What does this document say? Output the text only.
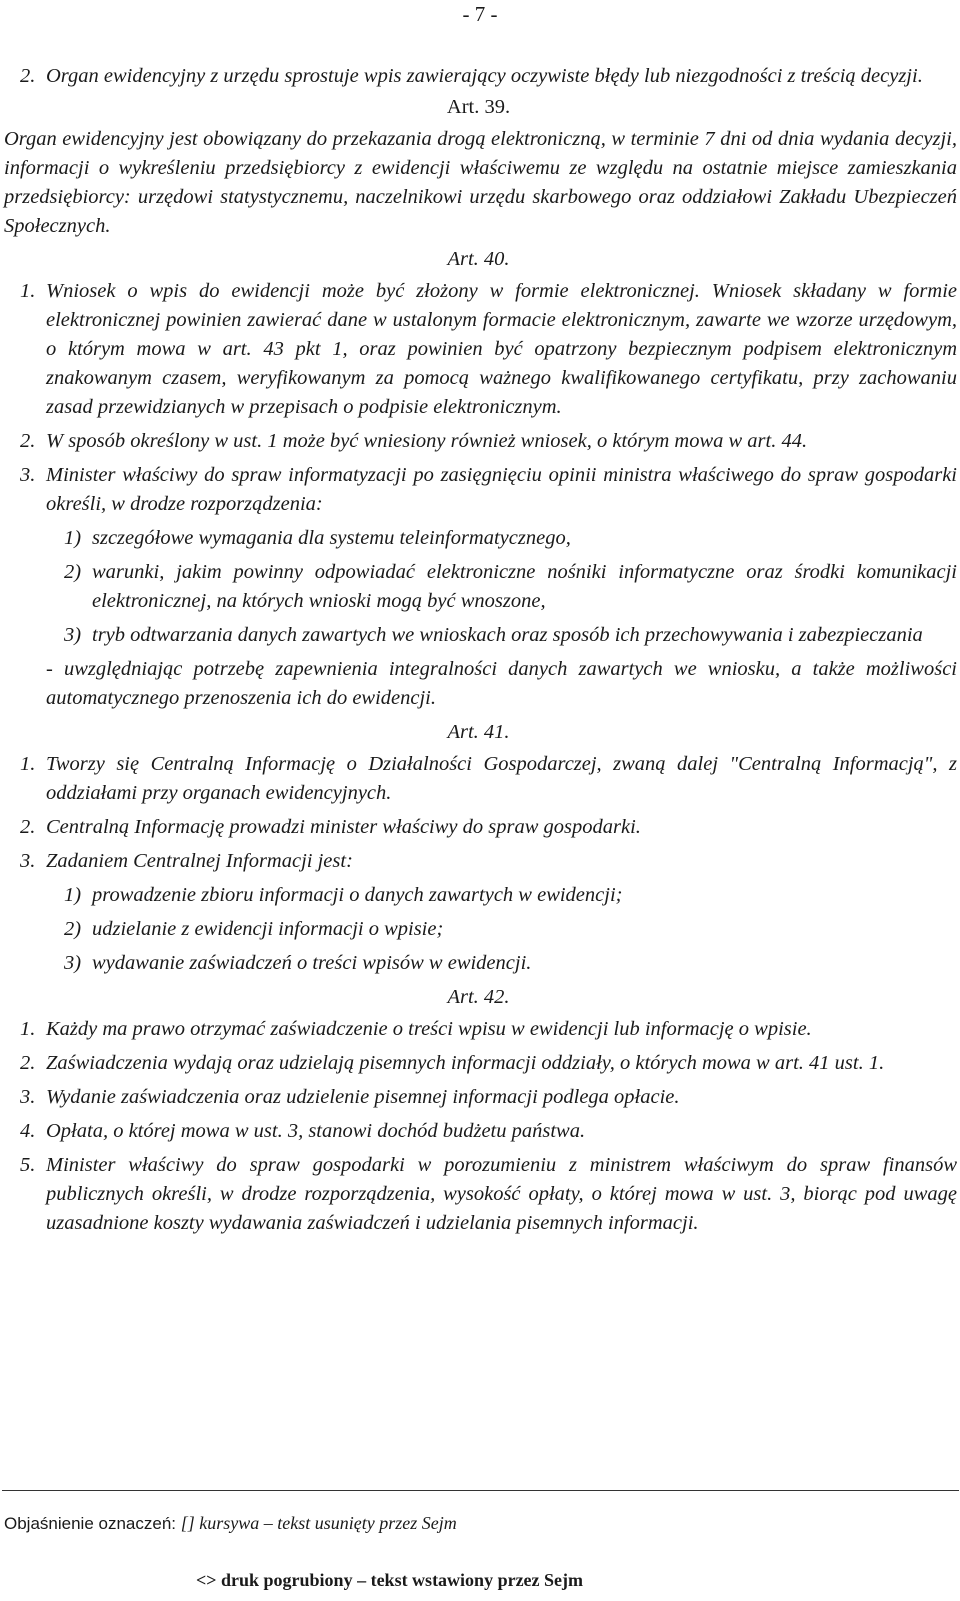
- 7 -

2. Organ ewidencyjny z urzędu sprostuje wpis zawierający oczywiste błędy lub niezgodności z treścią decyzji.

Art. 39.

Organ ewidencyjny jest obowiązany do przekazania drogą elektroniczną, w terminie 7 dni od dnia wydania decyzji, informacji o wykreśleniu przedsiębiorcy z ewidencji właściwemu ze względu na ostatnie miejsce zamieszkania przedsiębiorcy: urzędowi statystycznemu, naczelnikowi urzędu skarbowego oraz oddziałowi Zakładu Ubezpieczeń Społecznych.

Art. 40.

1. Wniosek o wpis do ewidencji może być złożony w formie elektronicznej. Wniosek składany w formie elektronicznej powinien zawierać dane w ustalonym formacie elektronicznym, zawarte we wzorze urzędowym, o którym mowa w art. 43 pkt 1, oraz powinien być opatrzony bezpiecznym podpisem elektronicznym znakowanym czasem, weryfikowanym za pomocą ważnego kwalifikowanego certyfikatu, przy zachowaniu zasad przewidzianych w przepisach o podpisie elektronicznym.

2. W sposób określony w ust. 1 może być wniesiony również wniosek, o którym mowa w art. 44.

3. Minister właściwy do spraw informatyzacji po zasięgnięciu opinii ministra właściwego do spraw gospodarki określi, w drodze rozporządzenia:

1) szczegółowe wymagania dla systemu teleinformatycznego,

2) warunki, jakim powinny odpowiadać elektroniczne nośniki informatyczne oraz środki komunikacji elektronicznej, na których wnioski mogą być wnoszone,

3) tryb odtwarzania danych zawartych we wnioskach oraz sposób ich przechowywania i zabezpieczania

- uwzględniając potrzebę zapewnienia integralności danych zawartych we wniosku, a także możliwości automatycznego przenoszenia ich do ewidencji.

Art. 41.

1. Tworzy się Centralną Informację o Działalności Gospodarczej, zwaną dalej "Centralną Informacją", z oddziałami przy organach ewidencyjnych.

2. Centralną Informację prowadzi minister właściwy do spraw gospodarki.

3. Zadaniem Centralnej Informacji jest:

1) prowadzenie zbioru informacji o danych zawartych w ewidencji;

2) udzielanie z ewidencji informacji o wpisie;

3) wydawanie zaświadczeń o treści wpisów w ewidencji.

Art. 42.

1. Każdy ma prawo otrzymać zaświadczenie o treści wpisu w ewidencji lub informację o wpisie.

2. Zaświadczenia wydają oraz udzielają pisemnych informacji oddziały, o których mowa w art. 41 ust. 1.

3. Wydanie zaświadczenia oraz udzielenie pisemnej informacji podlega opłacie.

4. Opłata, o której mowa w ust. 3, stanowi dochód budżetu państwa.

5. Minister właściwy do spraw gospodarki w porozumieniu z ministrem właściwym do spraw finansów publicznych określi, w drodze rozporządzenia, wysokość opłaty, o której mowa w ust. 3, biorąc pod uwagę uzasadnione koszty wydawania zaświadczeń i udzielania pisemnych informacji.

Objaśnienie oznaczeń: [] kursywa – tekst usunięty przez Sejm
<> druk pogrubiony – tekst wstawiony przez Sejm
